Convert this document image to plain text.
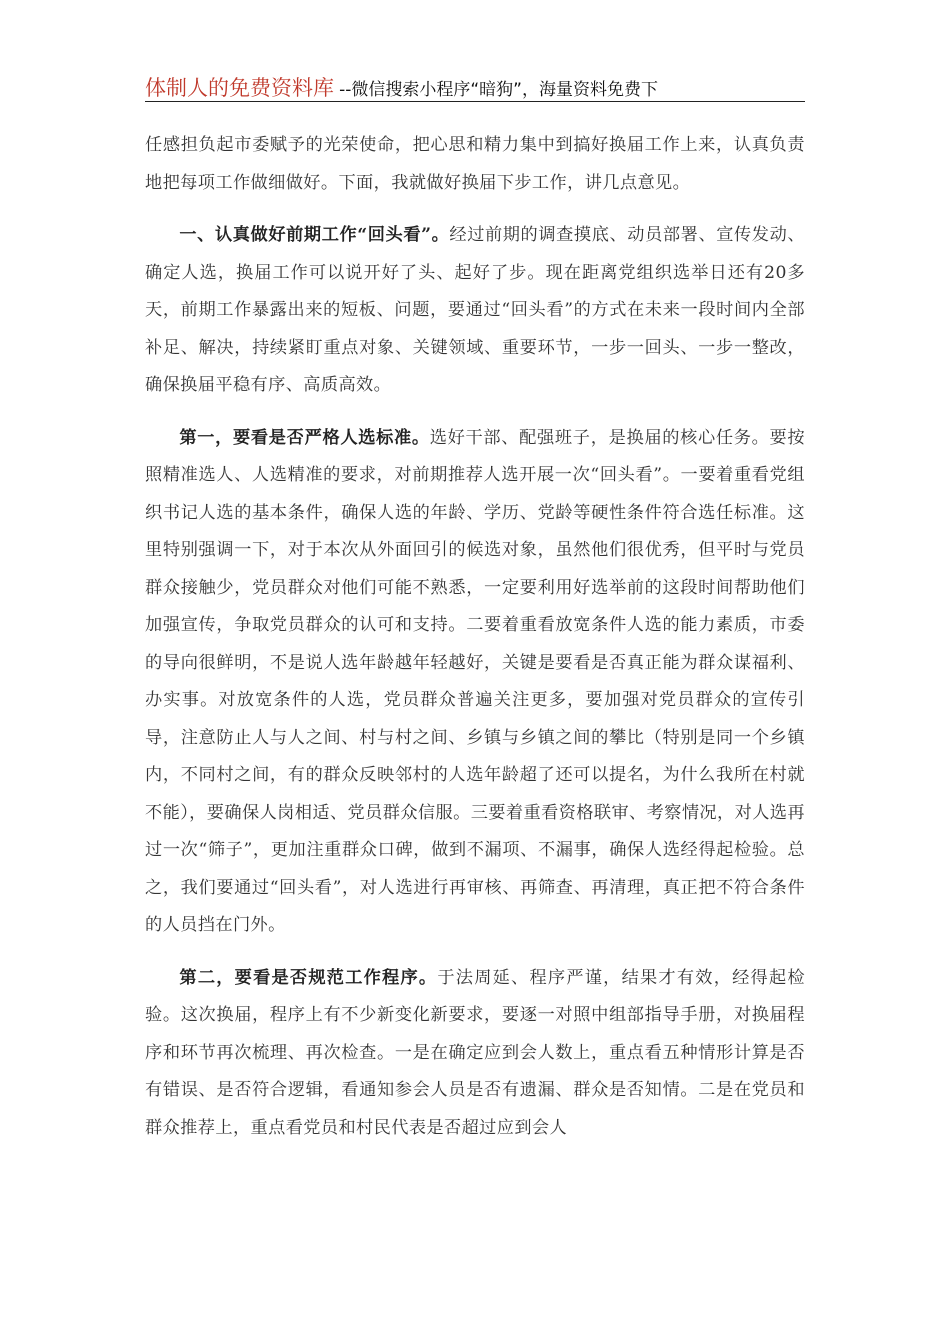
体制人的免费资料库 --微信搜索小程序“暗狗”，海量资料免费下

任感担负起市委赋予的光荣使命，把心思和精力集中到搞好换届工作上来，认真负责地把每项工作做细做好。下面，我就做好换届下步工作，讲几点意见。

一、认真做好前期工作“回头看”。经过前期的调查摸底、动员部署、宣传发动、确定人选，换届工作可以说开好了头、起好了步。现在距离党组织选举日还有20多天，前期工作暴露出来的短板、问题，要通过“回头看”的方式在未来一段时间内全部补足、解决，持续紧盯重点对象、关键领域、重要环节，一步一回头、一步一整改，确保换届平稳有序、高质高效。

第一，要看是否严格人选标准。选好干部、配强班子，是换届的核心任务。要按照精准选人、人选精准的要求，对前期推荐人选开展一次“回头看”。一要着重看党组织书记人选的基本条件，确保人选的年龄、学历、党龄等硬性条件符合选任标准。这里特别强调一下，对于本次从外面回引的候选对象，虽然他们很优秀，但平时与党员群众接触少，党员群众对他们可能不熟悉，一定要利用好选举前的这段时间帮助他们加强宣传，争取党员群众的认可和支持。二要着重看放宽条件人选的能力素质，市委的导向很鲜明，不是说人选年龄越年轻越好，关键是要看是否真正能为群众谋福利、办实事。对放宽条件的人选，党员群众普遍关注更多，要加强对党员群众的宣传引导，注意防止人与人之间、村与村之间、乡镇与乡镇之间的攀比（特别是同一个乡镇内，不同村之间，有的群众反映邻村的人选年龄超了还可以提名，为什么我所在村就不能），要确保人岗相适、党员群众信服。三要着重看资格联审、考察情况，对人选再过一次“筛子”，更加注重群众口碑，做到不漏项、不漏事，确保人选经得起检验。总之，我们要通过“回头看”，对人选进行再审核、再筛查、再清理，真正把不符合条件的人员挡在门外。

第二，要看是否规范工作程序。于法周延、程序严谨，结果才有效，经得起检验。这次换届，程序上有不少新变化新要求，要逐一对照中组部指导手册，对换届程序和环节再次梳理、再次检查。一是在确定应到会人数上，重点看五种情形计算是否有错误、是否符合逻辑，看通知参会人员是否有遗漏、群众是否知情。二是在党员和群众推荐上，重点看党员和村民代表是否超过应到会人
